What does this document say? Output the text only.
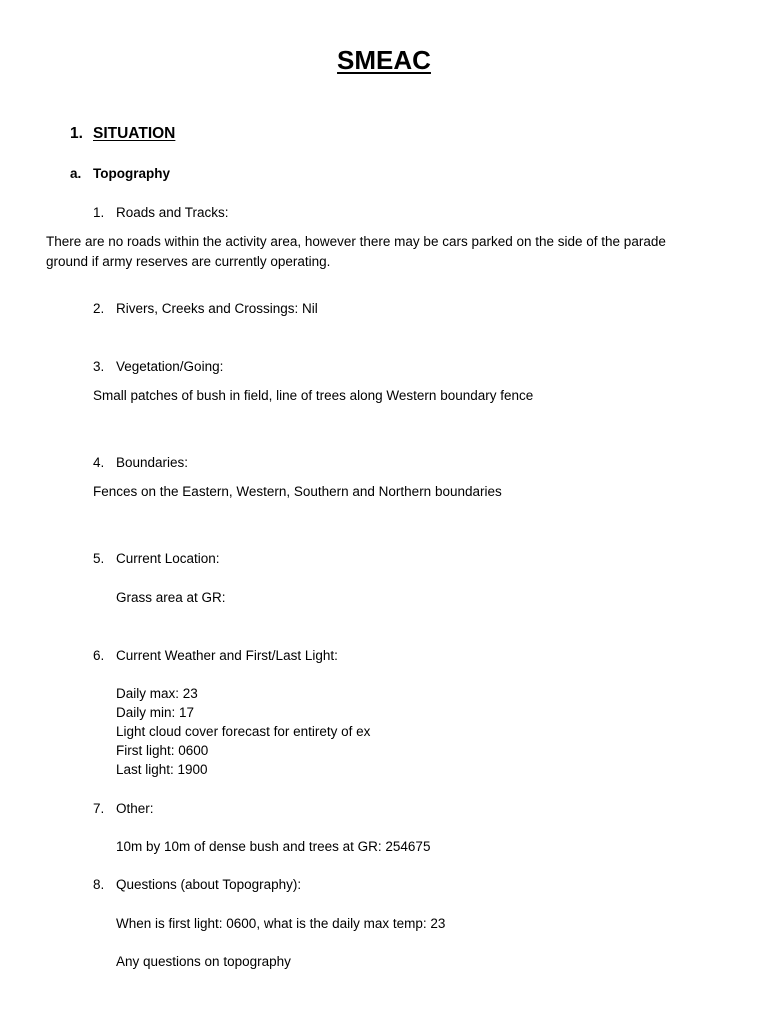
SMEAC
1. SITUATION
a. Topography
1. Roads and Tracks:

There are no roads within the activity area, however there may be cars parked on the side of the parade ground if army reserves are currently operating.

2. Rivers, Creeks and Crossings: Nil
3. Vegetation/Going:
Small patches of bush in field, line of trees along Western boundary fence
4. Boundaries:
Fences on the Eastern, Western, Southern and Northern boundaries
5. Current Location:
Grass area at GR:
6. Current Weather and First/Last Light:
Daily max: 23
Daily min: 17
Light cloud cover forecast for entirety of ex
First light: 0600
Last light: 1900
7. Other:
10m by 10m of dense bush and trees at GR: 254675
8. Questions (about Topography):
When is first light: 0600, what is the daily max temp: 23
Any questions on topography
